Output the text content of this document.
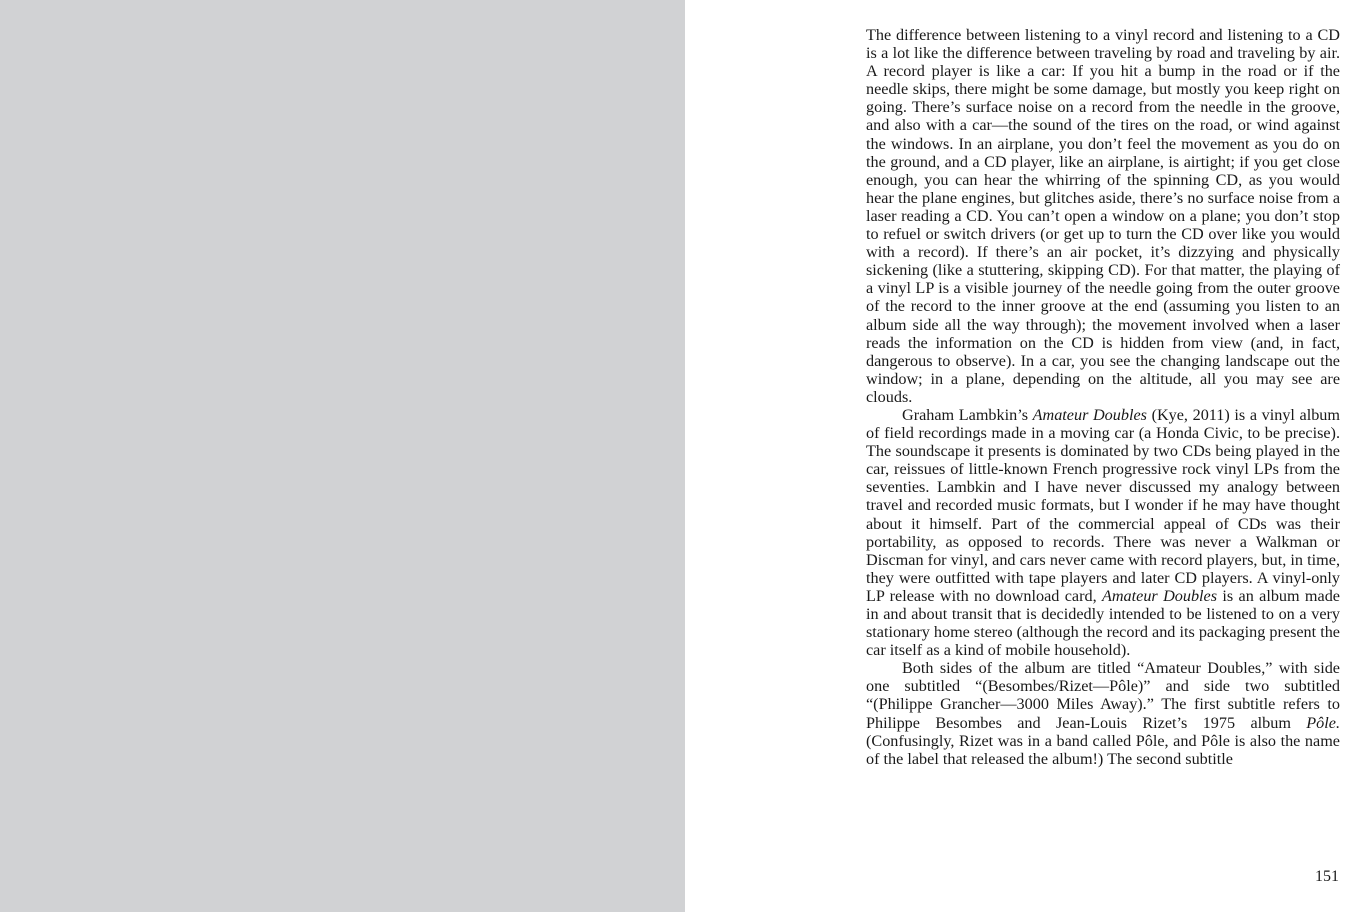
The difference between listening to a vinyl record and listening to a CD is a lot like the difference between traveling by road and traveling by air. A record player is like a car: If you hit a bump in the road or if the needle skips, there might be some damage, but mostly you keep right on going. There’s surface noise on a record from the needle in the groove, and also with a car—the sound of the tires on the road, or wind against the windows. In an airplane, you don’t feel the movement as you do on the ground, and a CD player, like an airplane, is airtight; if you get close enough, you can hear the whirring of the spinning CD, as you would hear the plane engines, but glitches aside, there’s no surface noise from a laser reading a CD. You can’t open a window on a plane; you don’t stop to refuel or switch drivers (or get up to turn the CD over like you would with a record). If there’s an air pocket, it’s dizzying and physically sickening (like a stuttering, skipping CD). For that matter, the playing of a vinyl LP is a visible journey of the needle going from the outer groove of the record to the inner groove at the end (assuming you listen to an album side all the way through); the movement involved when a laser reads the information on the CD is hidden from view (and, in fact, dangerous to observe). In a car, you see the changing landscape out the window; in a plane, depending on the altitude, all you may see are clouds.

Graham Lambkin’s Amateur Doubles (Kye, 2011) is a vinyl album of field recordings made in a moving car (a Honda Civic, to be precise). The soundscape it presents is dominated by two CDs being played in the car, reissues of little-known French progressive rock vinyl LPs from the seventies. Lambkin and I have never discussed my analogy between travel and recorded music formats, but I wonder if he may have thought about it himself. Part of the commercial appeal of CDs was their portability, as opposed to records. There was never a Walkman or Discman for vinyl, and cars never came with record players, but, in time, they were outfitted with tape players and later CD players. A vinyl-only LP release with no download card, Amateur Doubles is an album made in and about transit that is decidedly intended to be listened to on a very stationary home stereo (although the record and its packaging present the car itself as a kind of mobile household).

Both sides of the album are titled “Amateur Doubles,” with side one subtitled “(Besombes/Rizet—Pôle)” and side two subtitled “(Philippe Grancher—3000 Miles Away).” The first subtitle refers to Philippe Besombes and Jean-Louis Rizet’s 1975 album Pôle. (Confusingly, Rizet was in a band called Pôle, and Pôle is also the name of the label that released the album!) The second subtitle

151
